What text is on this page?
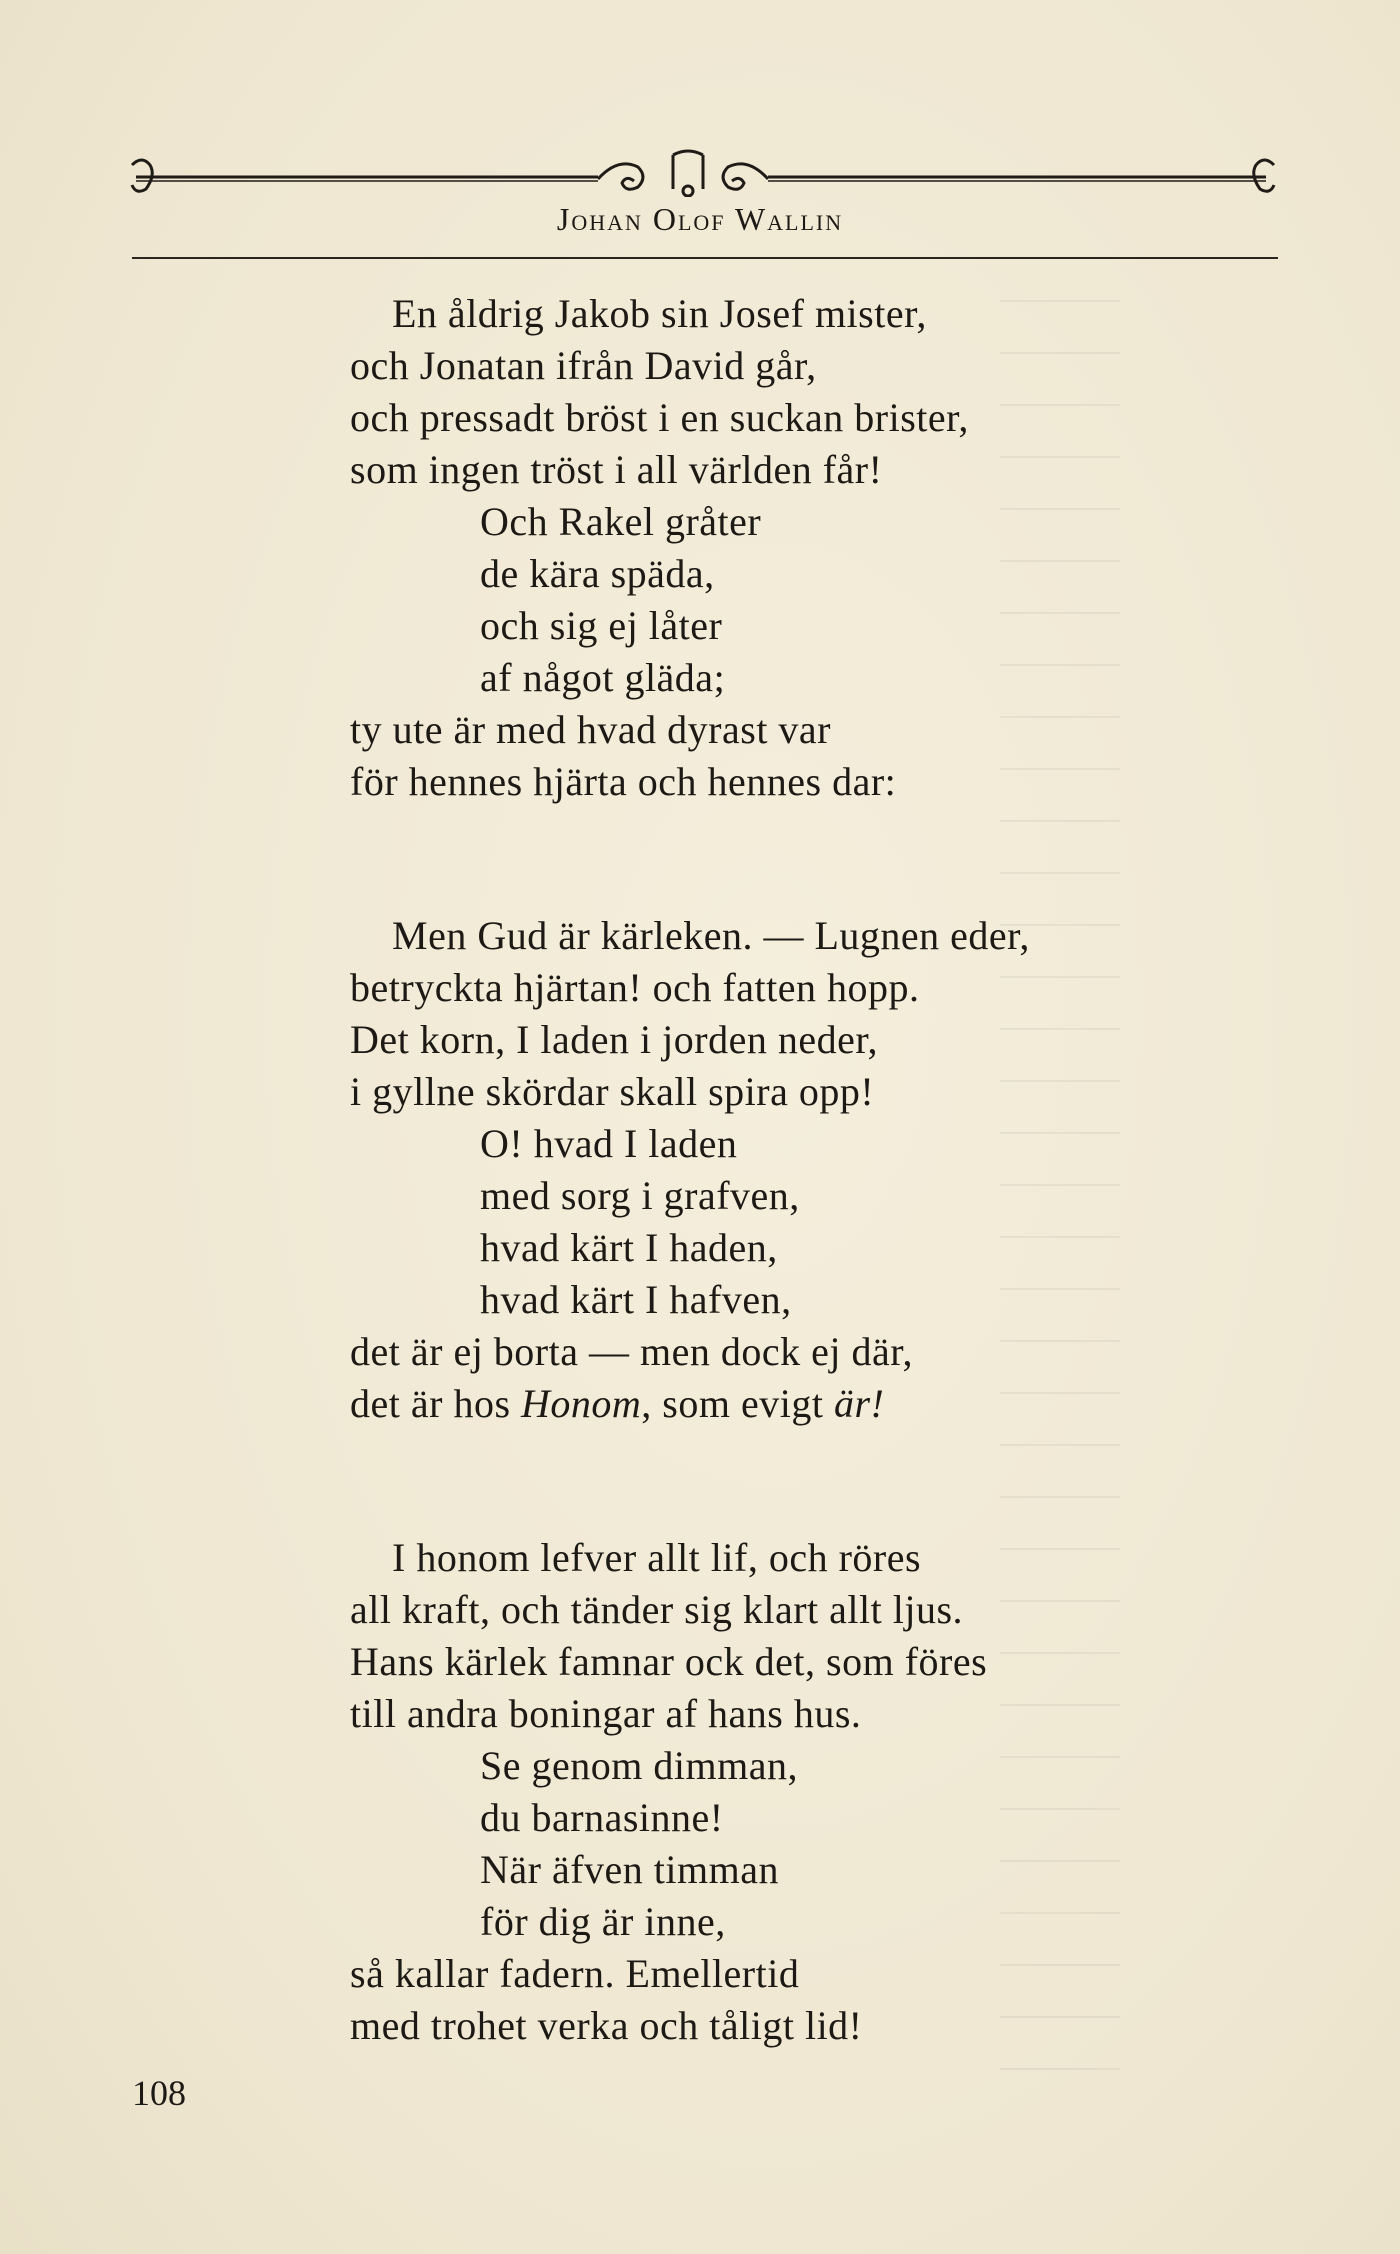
Johan Olof Wallin
En åldrig Jakob sin Josef mister,
och Jonatan ifrån David går,
och pressadt bröst i en suckan brister,
som ingen tröst i all världen får!
Och Rakel gråter
de kära späda,
och sig ej låter
af något gläda;
ty ute är med hvad dyrast var
för hennes hjärta och hennes dar:
Men Gud är kärleken. — Lugnen eder,
betryckta hjärtan! och fatten hopp.
Det korn, I laden i jorden neder,
i gyllne skördar skall spira opp!
O! hvad I laden
med sorg i grafven,
hvad kärt I haden,
hvad kärt I hafven,
det är ej borta — men dock ej där,
det är hos Honom, som evigt är!
I honom lefver allt lif, och röres
all kraft, och tänder sig klart allt ljus.
Hans kärlek famnar ock det, som föres
till andra boningar af hans hus.
Se genom dimman,
du barnasinne!
När äfven timman
för dig är inne,
så kallar fadern. Emellertid
med trohet verka och tåligt lid!
108
